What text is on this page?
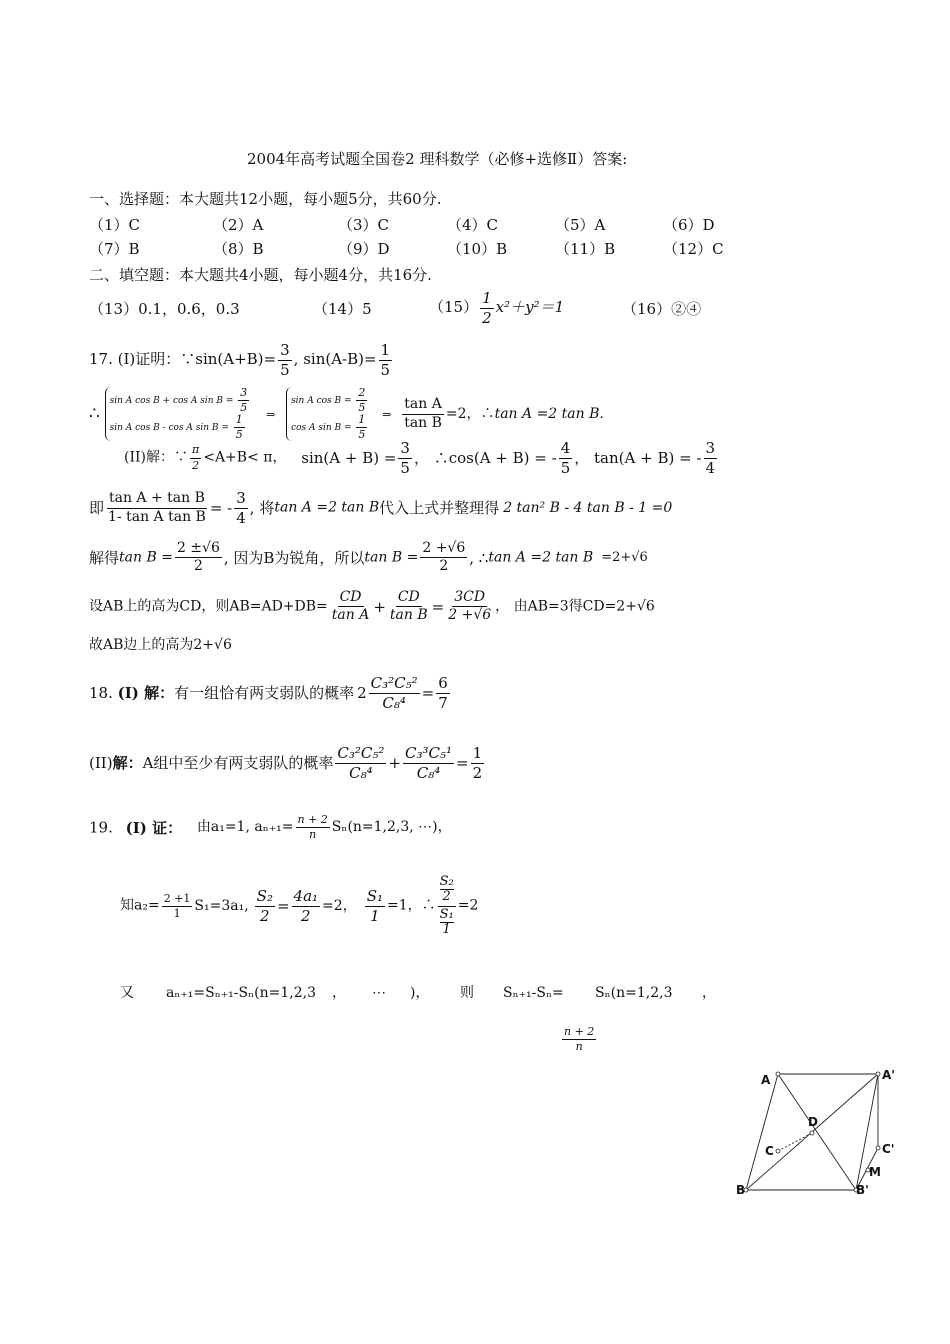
2004年高考试题全国卷2 理科数学（必修+选修Ⅱ）答案:
一、选择题：本大题共12小题，每小题5分，共60分.
（1）C	（2）A	（3）C	（4）C	（5）A	（6）D
（7）B	（8）B	（9）D	（10）B	（11）B	（12）C
二、填空题：本大题共4小题，每小题4分，共16分.
（13）0.1，0.6，0.3	（14）5	$(15) \frac{1}{2} x^2+y^2=1$	（16）②④
17. (I)证明：∵sin(A+B)= $\frac{3}{5}$ , $\sin(A-B)= \frac{1}{5}$
∴
sin A cos B + cos A $\sin B = \frac{3}{5}$
sin A cos B - cos A $\sin B = \frac{1}{5}$
⇒
sin A $\cos B = \frac{2}{5}$
cos A $\sin B = \frac{1}{5}$
⇒ $\frac{\text{tan A}}{\text{tan B}} =2$，∴tan A =2 tan B.
(II)解：∵ $\frac{\pi}{2} <A+B< \pi$， $\sin(A + B) = \frac{3}{5}$ ， ∴cos(A + B) = - $\frac{4}{5}$ ， tan(A + B) = - $\frac{3}{4}$
即 $\frac{\text{tan A + tan B}}{\text{1- tan A tan B}}$ = - $\frac{3}{4}$ , 将tan A =2 tan B代入上式并整理得 2 tan² B - 4 tan B - 1 =0
解得$\tan B = \frac{2 \pm√6}{2}$ , 因为B为锐角，所以$\tan B = \frac{2 +√6}{2}$ , ∴tan A =2 tan B =2+√6
设AB上的高为CD，则$AB=AD+DB= \frac{CD}{\text{tan A}} + \frac{CD}{\text{tan B}} = \frac{3CD}{2 +√6}$ ， 由AB=3得CD=2+√6
故AB边上的高为2+√6
18. (I) 解：有一组恰有两支弱队的概率 $2 \frac{\text{C₃²C₅²}}{\text{C₈⁴}} = \frac{6}{7}$
(II)解：A组中至少有两支弱队的概率 $\frac{\text{C₃²C₅²}}{\text{C₈⁴}} + \frac{\text{C₃³C₅¹}}{\text{C₈⁴}} = \frac{1}{2}$
19. (I) 证： 由a₁=1, $a_{n+1}= \frac{n + 2}{n} S_n(n=1,2,3$, ⋯)，
知$a_2= \frac{2 +1}{1} S_1=3a_1$, $\frac{\text{S₂}}{2} = \frac{\text{4a₁}}{2} =2$， $\frac{\text{S₁}}{1} =1$，∴ S₂
2
S₁
1 =2
又 aₙ₊₁=Sₙ₊₁-Sₙ(n=1,2,3 ， ⋯ )， 则 Sₙ₊₁-Sₙ= Sₙ(n=1,2,3 ，
$\frac{n + 2}{n}$
A	A'
D
C	C'
M
B	B'
